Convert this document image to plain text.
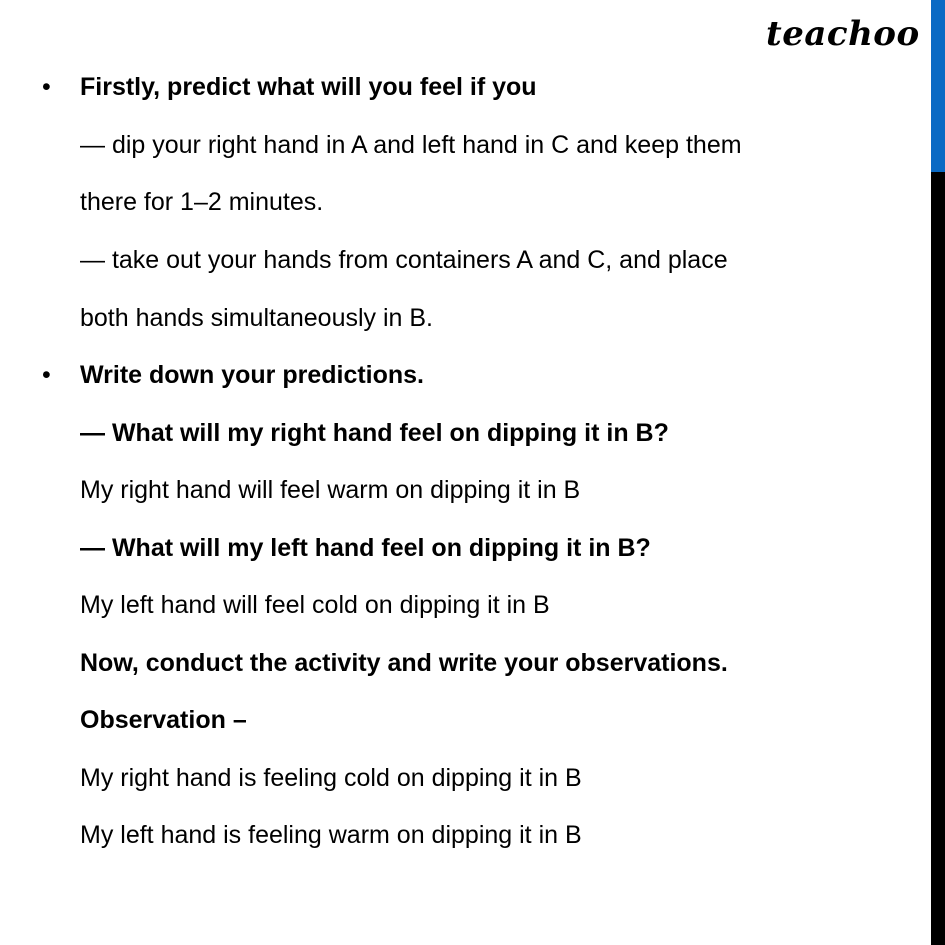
teachoo
•
•
Firstly, predict what will you feel if you
— dip your right hand in A and left hand in C and keep them
there for 1–2 minutes.
— take out your hands from containers A and C, and place
both hands simultaneously in B.
Write down your predictions.
— What will my right hand feel on dipping it in B?
My right hand will feel warm on dipping it in B
— What will my left hand feel on dipping it in B?
My left hand will feel cold on dipping it in B
Now, conduct the activity and write your observations.
Observation –
My right hand is feeling cold on dipping it in B
My left hand is feeling warm on dipping it in B
